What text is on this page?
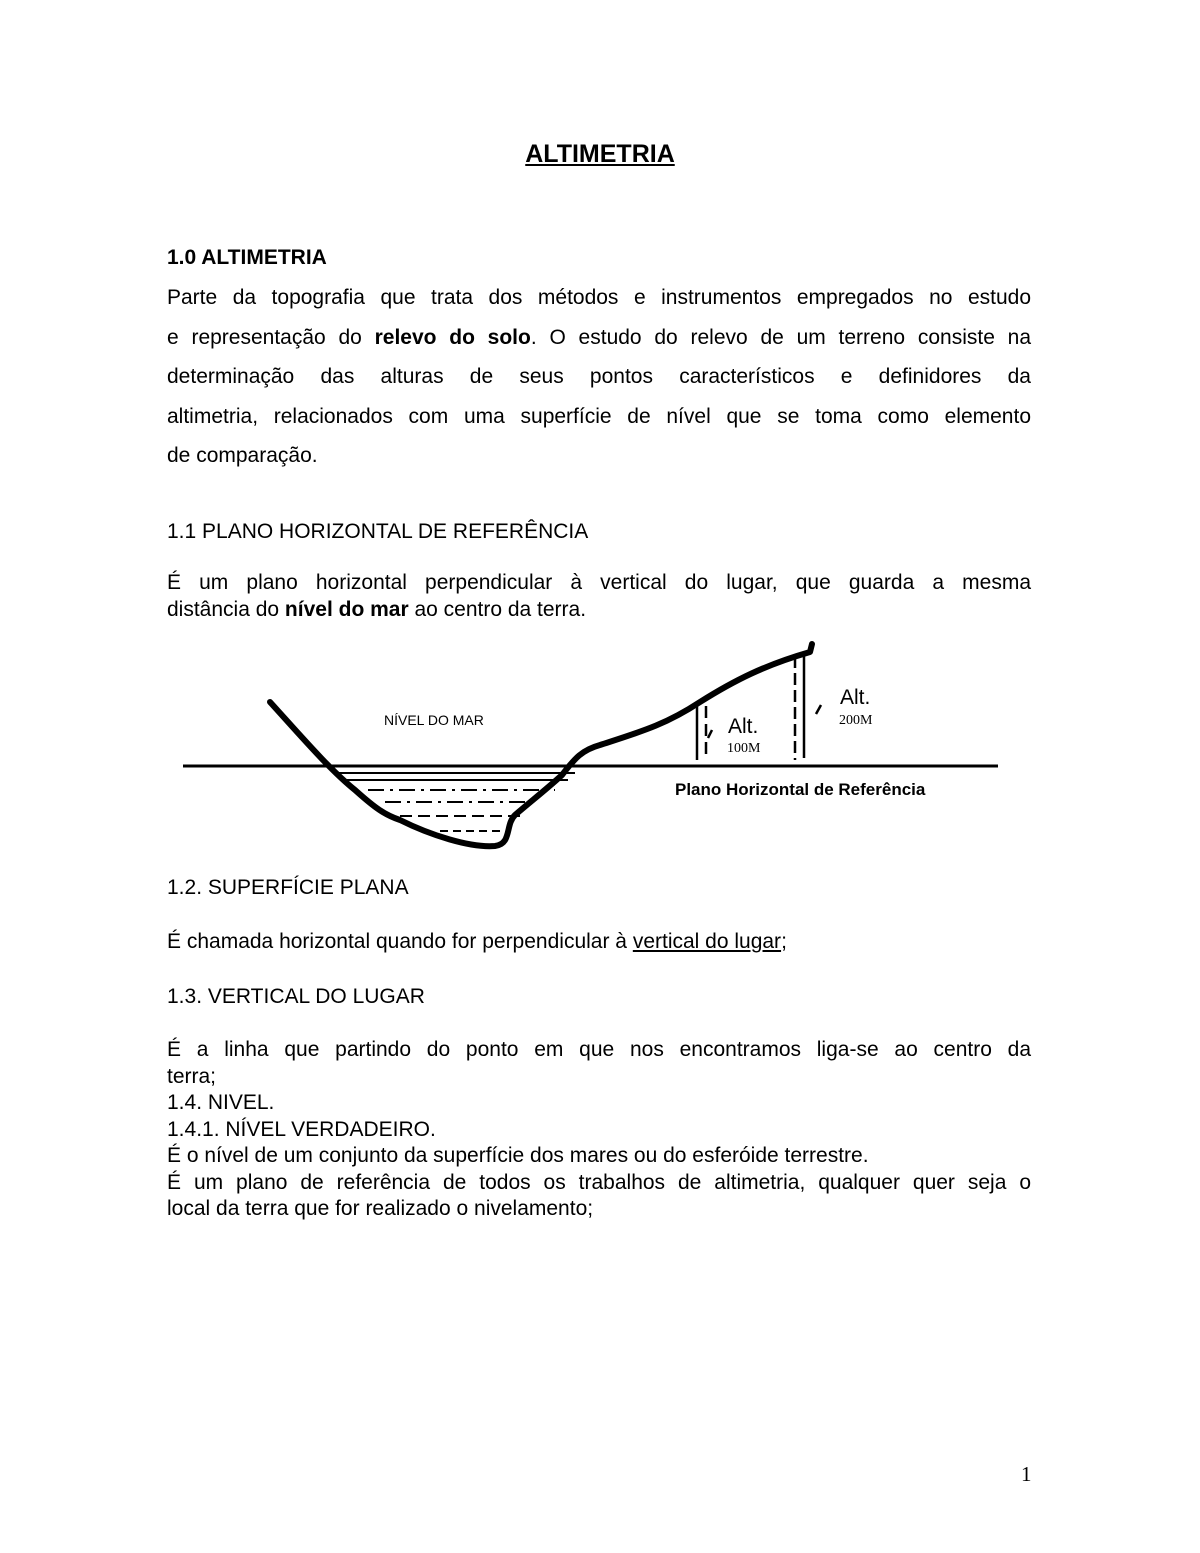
ALTIMETRIA
1.0 ALTIMETRIA
Parte da topografia que trata dos métodos e instrumentos empregados no estudo
e representação do relevo do solo. O estudo do relevo de um terreno consiste na
determinação das alturas de seus pontos característicos e definidores da
altimetria, relacionados com uma superfície de nível que se toma como elemento
de comparação.
1.1 PLANO HORIZONTAL DE REFERÊNCIA
É um plano horizontal perpendicular à vertical do lugar, que guarda a mesma
distância do nível do mar ao centro da terra.
NÍVEL DO MAR	Alt.
100M
Alt.
200M
Plano Horizontal de Referência
1.2. SUPERFÍCIE PLANA
É chamada horizontal quando for perpendicular à vertical do lugar;
1.3. VERTICAL DO LUGAR
É a linha que partindo do ponto em que nos encontramos liga-se ao centro da
terra;
1.4. NIVEL.
1.4.1. NÍVEL VERDADEIRO.
É o nível de um conjunto da superfície dos mares ou do esferóide terrestre.
É um plano de referência de todos os trabalhos de altimetria, qualquer quer seja o
local da terra que for realizado o nivelamento;
1
